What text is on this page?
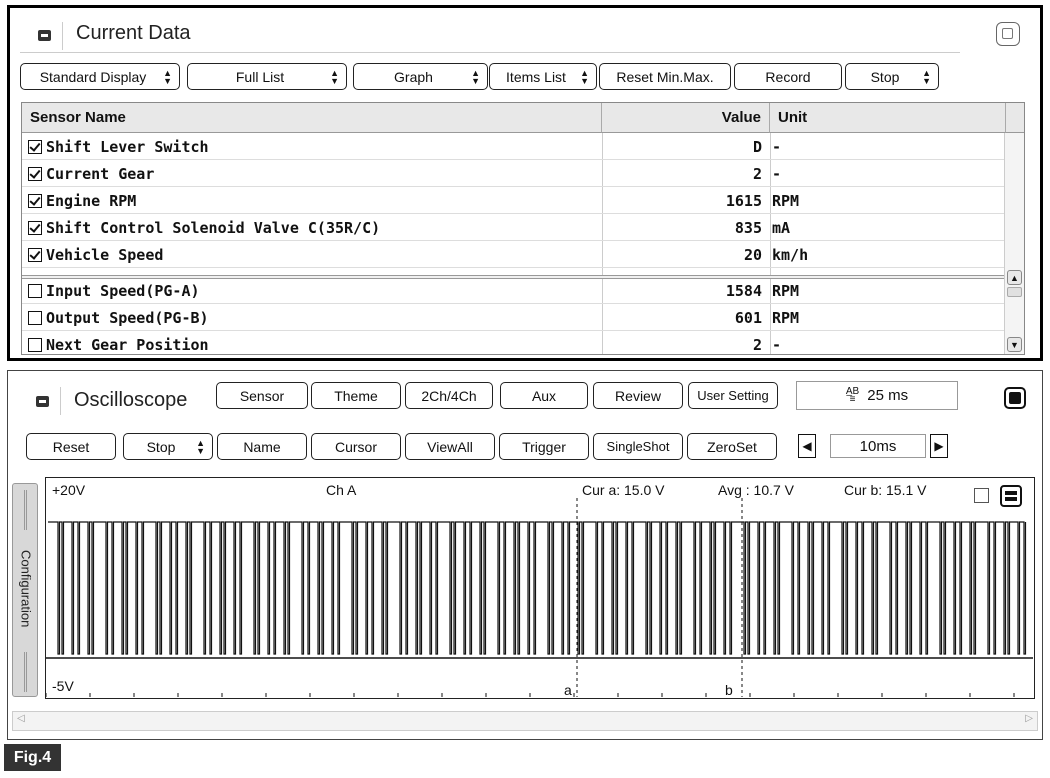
Current Data
Standard Display ▲
▼	Full List	▲
▼	Graph	▲
▼ Items List ▲
▼ Reset Min.Max.	Record	Stop	▲
▼
Sensor Name	Value	Unit
Shift Lever Switch	D -
Current Gear	2 -
Engine RPM	1615 RPM
Shift Control Solenoid Valve C(35R/C)	835 mA
Vehicle Speed	20 km/h
Input Speed(PG-A)	1584 RPM
Output Speed(PG-B)	601 RPM
Next Gear Position	2 -
▲
▼
Oscilloscope	Sensor	Theme	2Ch/4Ch	Aux	Review	User Setting	A̲B
≡ 25 ms
Reset	Stop ▲
▼	Name	Cursor	ViewAll	Trigger	SingleShot	ZeroSet	◀	10ms	▶
Configuration
+20V
-5V
Ch A	Cur a: 15.0 V	Avg : 10.7 V	Cur b: 15.1 V
a	b
◁	▷
Fig.4
